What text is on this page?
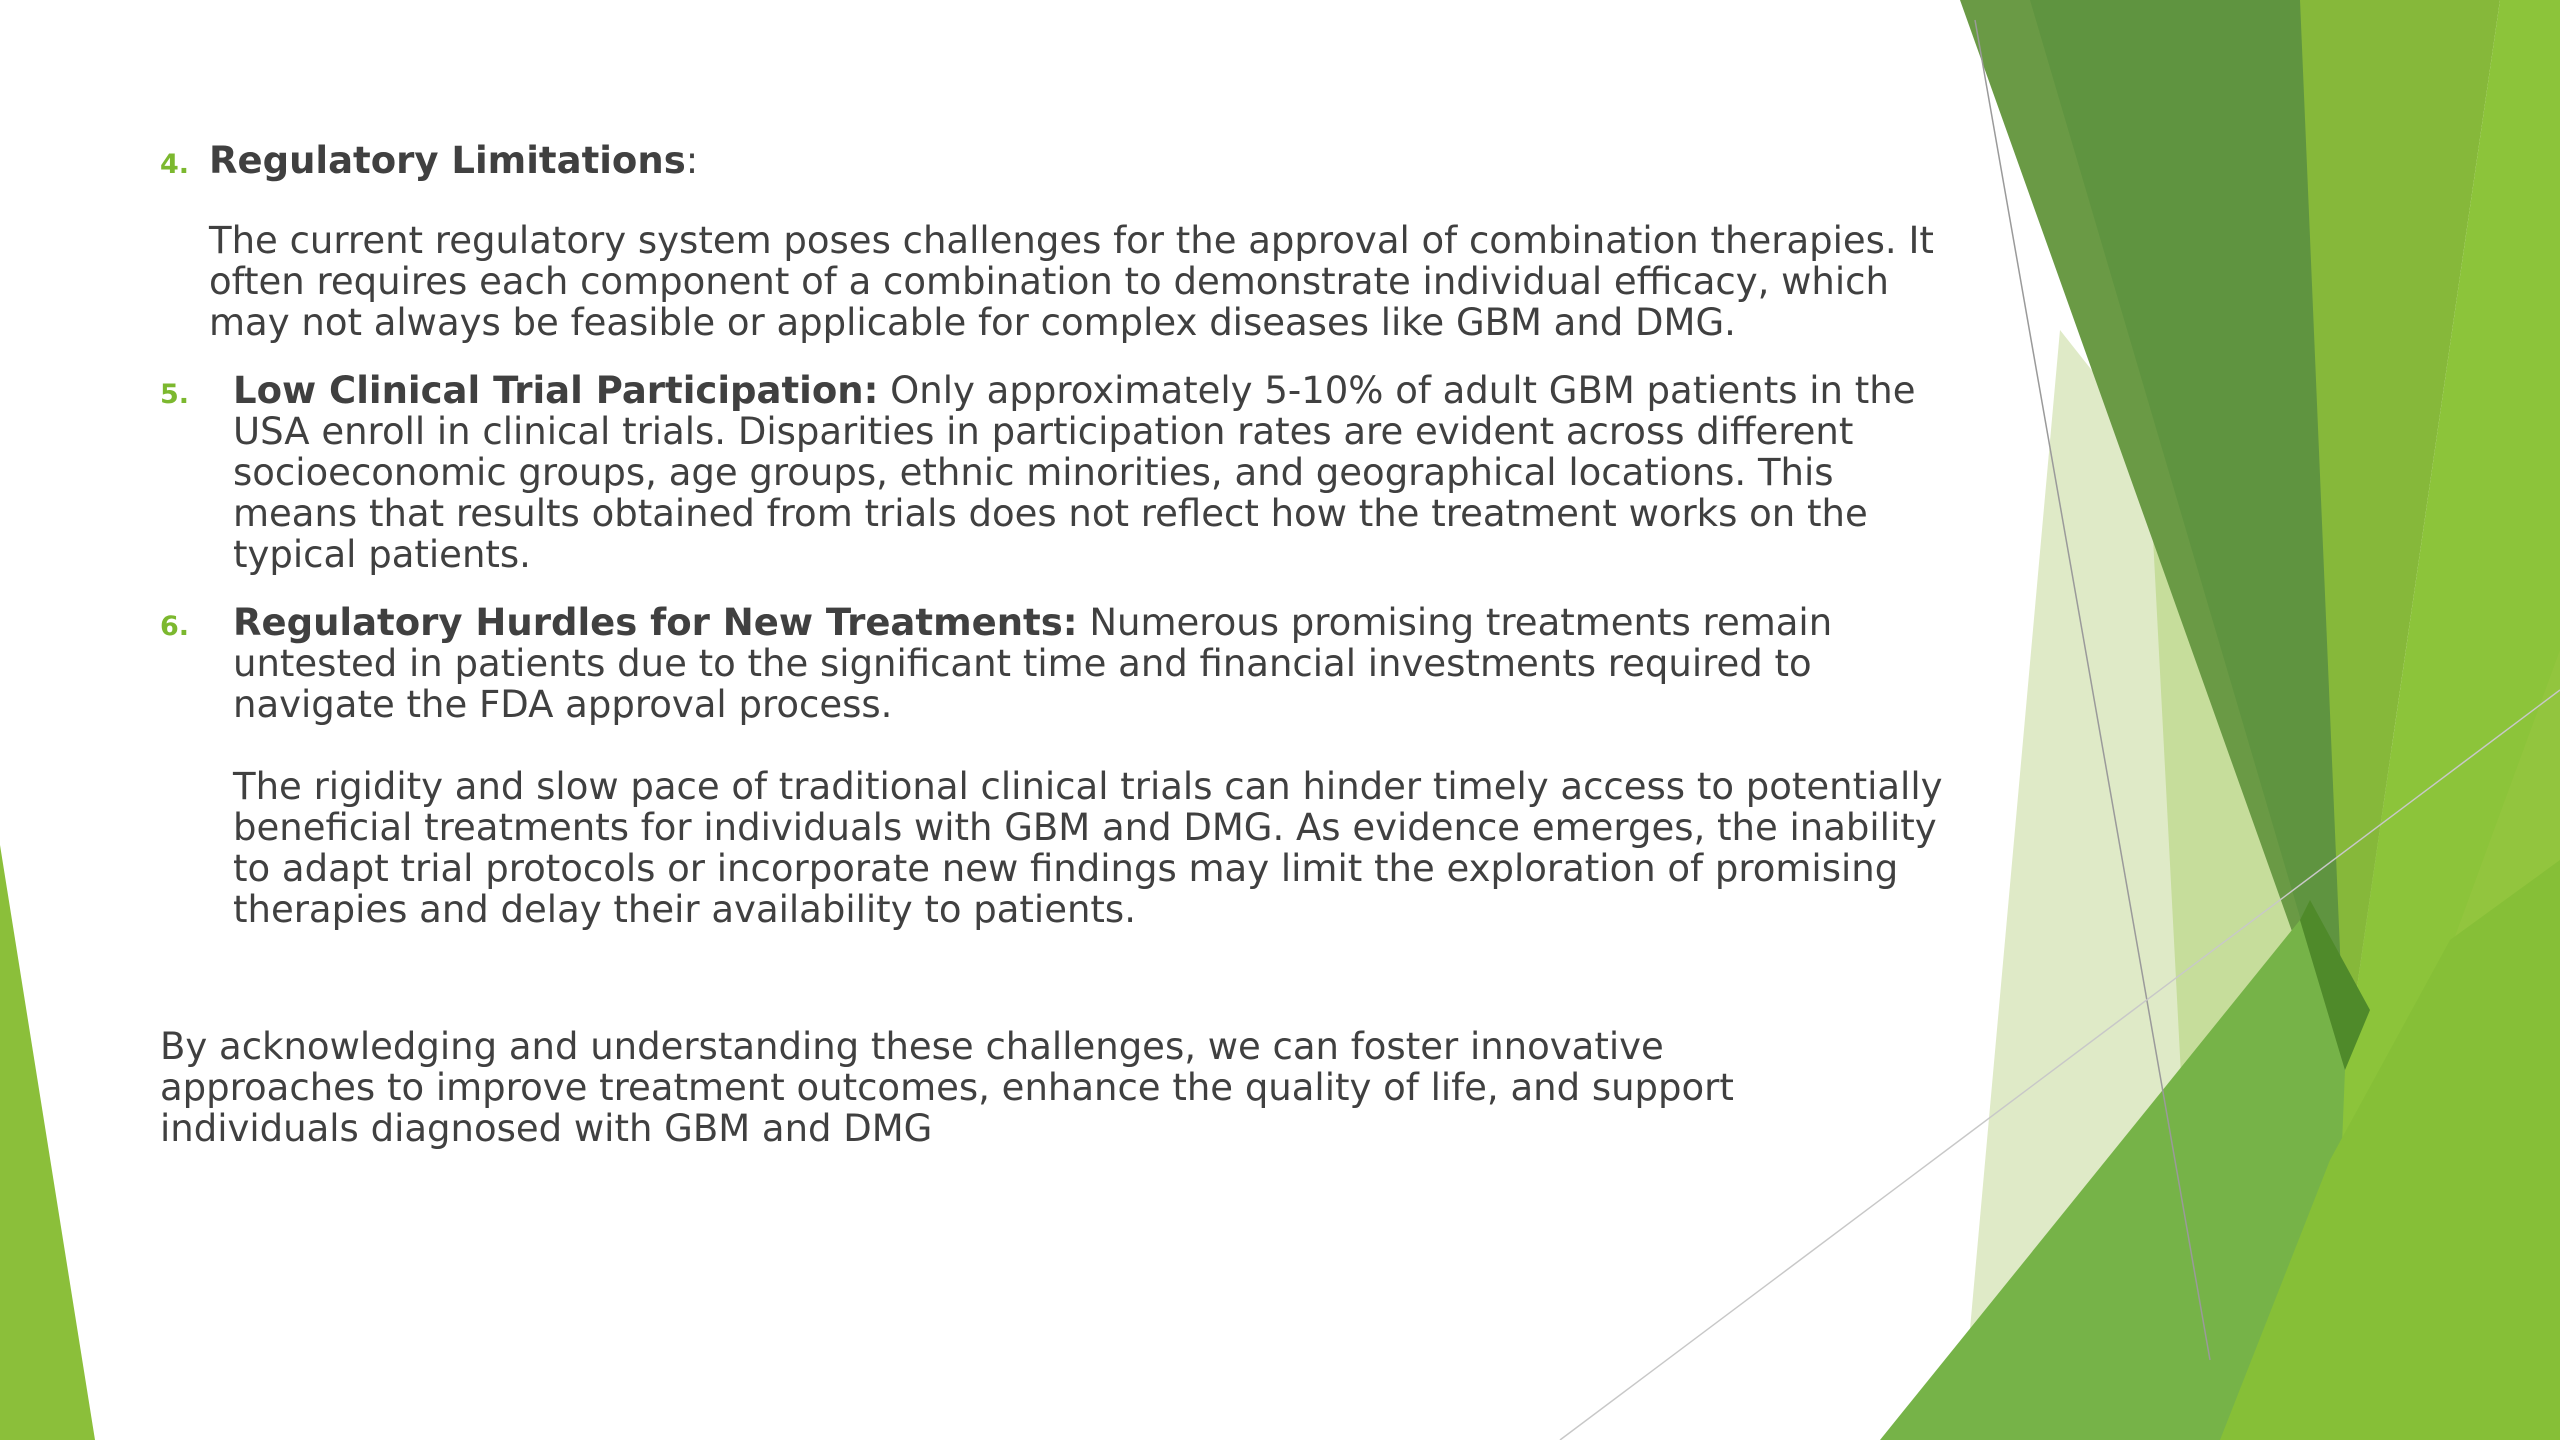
4. Regulatory Limitations:

The current regulatory system poses challenges for the approval of combination therapies. It often requires each component of a combination to demonstrate individual efficacy, which may not always be feasible or applicable for complex diseases like GBM and DMG.

5. Low Clinical Trial Participation: Only approximately 5-10% of adult GBM patients in the USA enroll in clinical trials. Disparities in participation rates are evident across different socioeconomic groups, age groups, ethnic minorities, and geographical locations. This means that results obtained from trials does not reflect how the treatment works on the typical patients.

6. Regulatory Hurdles for New Treatments: Numerous promising treatments remain untested in patients due to the significant time and financial investments required to navigate the FDA approval process.

The rigidity and slow pace of traditional clinical trials can hinder timely access to potentially beneficial treatments for individuals with GBM and DMG. As evidence emerges, the inability to adapt trial protocols or incorporate new findings may limit the exploration of promising therapies and delay their availability to patients.

By acknowledging and understanding these challenges, we can foster innovative approaches to improve treatment outcomes, enhance the quality of life, and support individuals diagnosed with GBM and DMG
